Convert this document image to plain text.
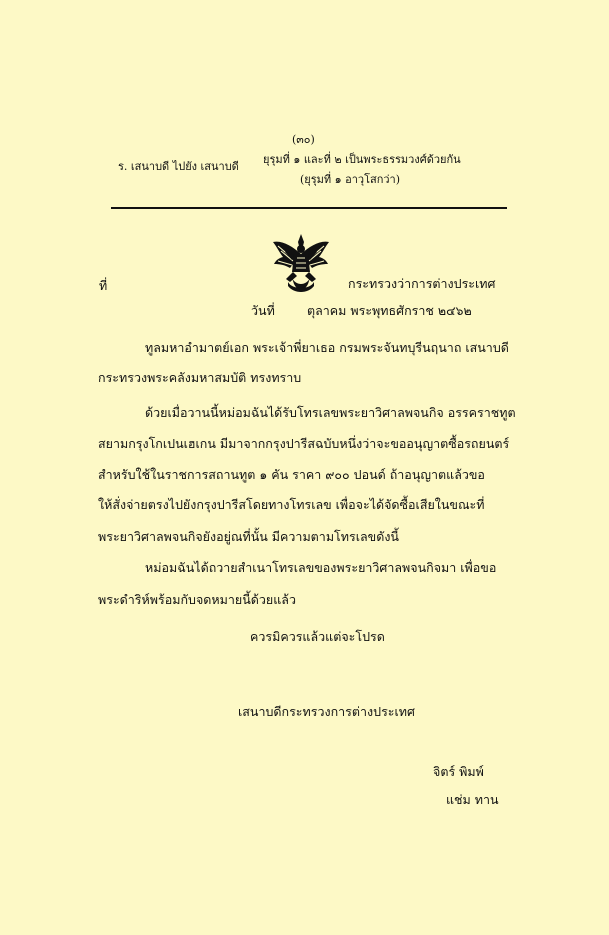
(๓๐)
ร. เสนาบดี ไปยัง เสนาบดี
ยุรุมที่ ๑ และที่ ๒ เป็นพระธรรมวงศ์ด้วยกัน
(ยุรุมที่ ๑ อาวุโสกว่า)
ที่	กระทรวงว่าการต่างประเทศ
วันที่	ตุลาคม พระพุทธศักราช ๒๔๖๒
ทูลมหาอำมาตย์เอก พระเจ้าพี่ยาเธอ กรมพระจันทบุรีนฤนาถ เสนาบดี
กระทรวงพระคลังมหาสมบัติ ทรงทราบ
ด้วยเมื่อวานนี้หม่อมฉันได้รับโทรเลขพระยาวิศาลพจนกิจ อรรคราชทูต
สยามกรุงโกเปนเฮเกน มีมาจากกรุงปารีสฉบับหนึ่งว่าจะขออนุญาตซื้อรถยนตร์
สำหรับใช้ในราชการสถานทูต ๑ คัน ราคา ๙๐๐ ปอนด์ ถ้าอนุญาตแล้วขอ
ให้สั่งจ่ายตรงไปยังกรุงปารีสโดยทางโทรเลข เพื่อจะได้จัดซื้อเสียในขณะที่
พระยาวิศาลพจนกิจยังอยู่ณที่นั้น มีความตามโทรเลขดังนี้
หม่อมฉันได้ถวายสำเนาโทรเลขของพระยาวิศาลพจนกิจมา เพื่อขอ
พระดำริห์พร้อมกับจดหมายนี้ด้วยแล้ว
ควรมิควรแล้วแต่จะโปรด
เสนาบดีกระทรวงการต่างประเทศ
จิตร์ พิมพ์
แช่ม ทาน
